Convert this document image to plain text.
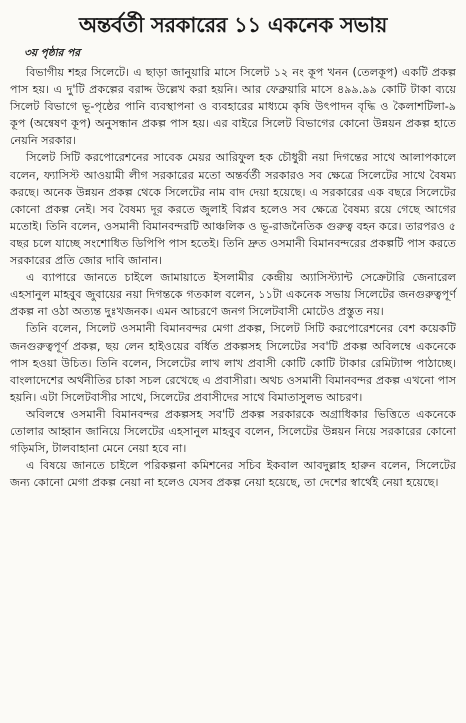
অন্তর্বর্তী সরকারের ১১ একনেক সভায়
৩য় পৃষ্ঠার পর

বিভাগীয় শহর সিলেটে। এ ছাড়া জানুয়ারি মাসে সিলেট ১২ নং কূপ খনন (তেলকূপ) একটি প্রকল্প পাস হয়। এ দু'টি প্রকল্পের বরাদ্দ উল্লেখ করা হয়নি। আর ফেব্রুয়ারি মাসে ৪৯৯.৯৯ কোটি টাকা ব্যয়ে সিলেট বিভাগে ভূ-পৃষ্ঠের পানি ব্যবস্থাপনা ও ব্যবহারের মাধ্যমে কৃষি উৎপাদন বৃদ্ধি ও কৈলাশটিলা-৯ কূপ (অন্বেষণ কূপ) অনুসন্ধান প্রকল্প পাস হয়। এর বাইরে সিলেট বিভাগের কোনো উন্নয়ন প্রকল্প হাতে নেয়নি সরকার।

সিলেট সিটি করপোরেশনের সাবেক মেয়র আরিফুল হক চৌধুরী নয়া দিগন্তের সাথে আলাপকালে বলেন, ফ্যাসিস্ট আওয়ামী লীগ সরকারের মতো অন্তর্বর্তী সরকারও সব ক্ষেত্রে সিলেটের সাথে বৈষম্য করছে। অনেক উন্নয়ন প্রকল্প থেকে সিলেটের নাম বাদ দেয়া হয়েছে। এ সরকারের এক বছরে সিলেটের কোনো প্রকল্প নেই। সব বৈষম্য দূর করতে জুলাই বিপ্লব হলেও সব ক্ষেত্রে বৈষম্য রয়ে গেছে আগের মতোই। তিনি বলেন, ওসমানী বিমানবন্দরটি আঞ্চলিক ও ভূ-রাজনৈতিক গুরুত্ব বহন করে। তারপরও ৫ বছর চলে যাচ্ছে সংশোধিত ডিপিপি পাস হতেই। তিনি দ্রুত ওসমানী বিমানবন্দরের প্রকল্পটি পাস করতে সরকারের প্রতি জোর দাবি জানান।

এ ব্যাপারে জানতে চাইলে জামায়াতে ইসলামীর কেন্দ্রীয় অ্যাসিস্ট্যান্ট সেক্রেটারি জেনারেল এহসানুল মাহবুব জুবায়ের নয়া দিগন্তকে গতকাল বলেন, ১১টা একনেক সভায় সিলেটের জনগুরুত্বপূর্ণ প্রকল্প না ওঠা অত্যন্ত দুঃখজনক। এমন আচরণে জনগ সিলেটবাসী মোটেও প্রস্তুত নয়।

তিনি বলেন, সিলেট ওসমানী বিমানবন্দর মেগা প্রকল্প, সিলেট সিটি করপোরেশনের বেশ কয়েকটি জনগুরুত্বপূর্ণ প্রকল্প, ছয় লেন হাইওয়ের বর্ধিত প্রকল্পসহ সিলেটের সব'টি প্রকল্প অবিলম্বে একনেকে পাস হওয়া উচিত। তিনি বলেন, সিলেটের লাখ লাখ প্রবাসী কোটি কোটি টাকার রেমিট্যান্স পাঠাচ্ছে। বাংলাদেশের অর্থনীতির চাকা সচল রেখেছে এ প্রবাসীরা। অথচ ওসমানী বিমানবন্দর প্রকল্প এখনো পাস হয়নি। এটা সিলেটবাসীর সাথে, সিলেটের প্রবাসীদের সাথে বিমাতাসুলভ আচরণ।

অবিলম্বে ওসমানী বিমানবন্দর প্রকল্পসহ সব'টি প্রকল্প সরকারকে অগ্রাধিকার ভিত্তিতে একনেকে তোলার আহ্বান জানিয়ে সিলেটের এহসানুল মাহবুব বলেন, সিলেটের উন্নয়ন নিয়ে সরকারের কোনো গড়িমসি, টালবাহানা মেনে নেয়া হবে না।

এ বিষয়ে জানতে চাইলে পরিকল্পনা কমিশনের সচিব ইকবাল আবদুল্লাহ হারুন বলেন, সিলেটের জন্য কোনো মেগা প্রকল্প নেয়া না হলেও যেসব প্রকল্প নেয়া হয়েছে, তা দেশের স্বার্থেই নেয়া হয়েছে।
